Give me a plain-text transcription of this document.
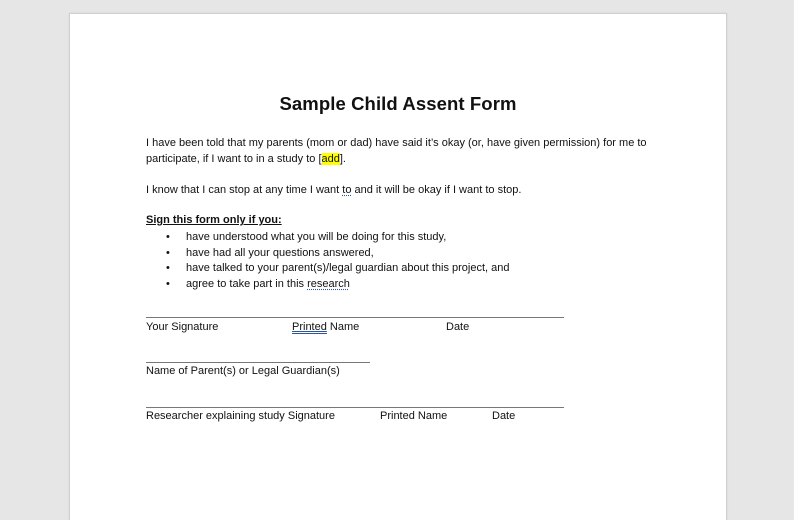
Sample Child Assent Form
I have been told that my parents (mom or dad) have said it’s okay (or, have given permission) for me to participate, if I want to in a study to [add].
I know that I can stop at any time I want to and it will be okay if I want to stop.
Sign this form only if you:
• have understood what you will be doing for this study,
• have had all your questions answered,
• have talked to your parent(s)/legal guardian about this project, and
• agree to take part in this research
Your Signature	Printed Name	Date
Name of Parent(s) or Legal Guardian(s)
Researcher explaining study Signature	Printed Name	Date
